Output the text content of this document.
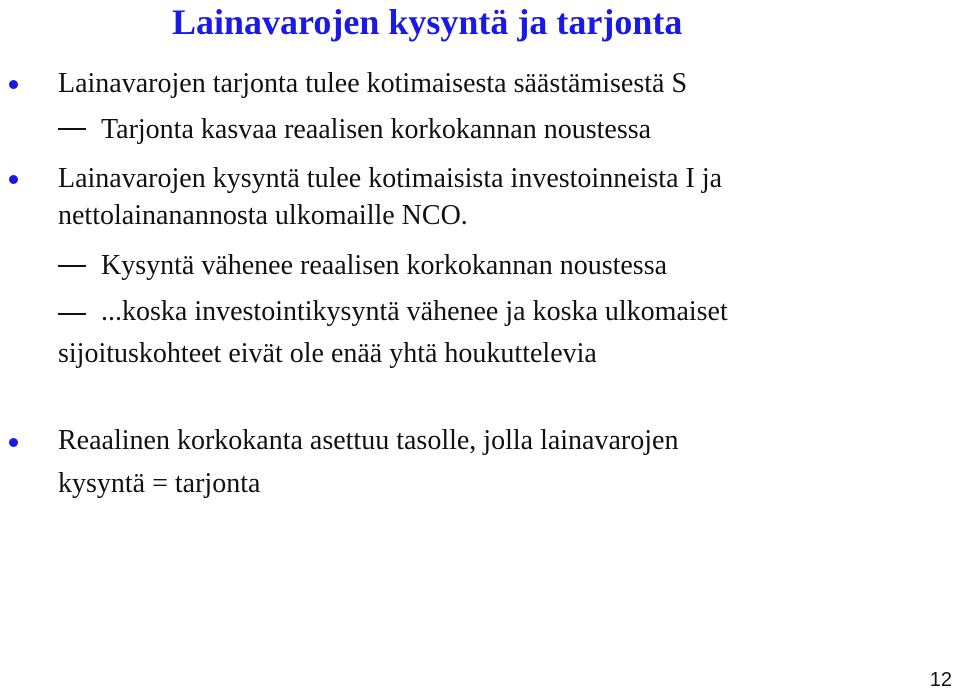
Lainavarojen kysyntä ja tarjonta
Lainavarojen tarjonta tulee kotimaisesta säästämisestä S
Tarjonta kasvaa reaalisen korkokannan noustessa
Lainavarojen kysyntä tulee kotimaisista investoinneista I ja
nettolainanannosta ulkomaille NCO.
Kysyntä vähenee reaalisen korkokannan noustessa
...koska investointikysyntä vähenee ja koska ulkomaiset
sijoituskohteet eivät ole enää yhtä houkuttelevia
Reaalinen korkokanta asettuu tasolle, jolla lainavarojen
kysyntä = tarjonta
12
